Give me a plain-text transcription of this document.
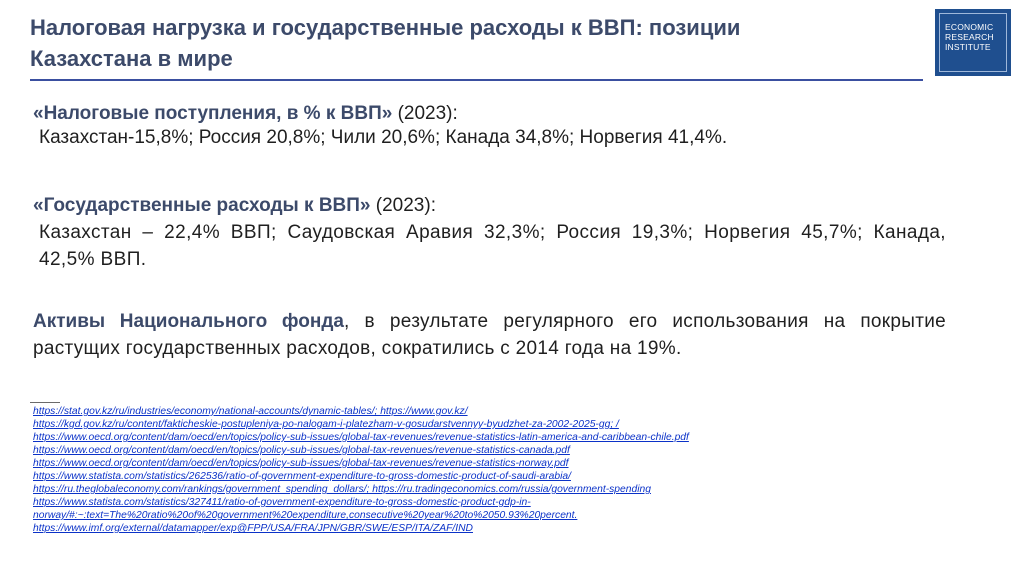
Налоговая нагрузка и государственные расходы к ВВП: позиции
Казахстана в мире
ECONOMIC
RESEARCH
INSTITUTE
«Налоговые поступления, в % к ВВП» (2023):
Казахстан-15,8%; Россия 20,8%; Чили 20,6%; Канада 34,8%; Норвегия 41,4%.
«Государственные расходы к ВВП» (2023):
Казахстан – 22,4% ВВП; Саудовская Аравия 32,3%; Россия 19,3%; Норвегия 45,7%; Канада, 42,5% ВВП.
Активы Национального фонда, в результате регулярного его использования на покрытие растущих государственных расходов, сократились с 2014 года на 19%.
https://stat.gov.kz/ru/industries/economy/national-accounts/dynamic-tables/; https://www.gov.kz/
https://kgd.gov.kz/ru/content/fakticheskie-postupleniya-po-nalogam-i-platezham-v-gosudarstvennyy-byudzhet-za-2002-2025-gg; /
https://www.oecd.org/content/dam/oecd/en/topics/policy-sub-issues/global-tax-revenues/revenue-statistics-latin-america-and-caribbean-chile.pdf
https://www.oecd.org/content/dam/oecd/en/topics/policy-sub-issues/global-tax-revenues/revenue-statistics-canada.pdf
https://www.oecd.org/content/dam/oecd/en/topics/policy-sub-issues/global-tax-revenues/revenue-statistics-norway.pdf
https://www.statista.com/statistics/262536/ratio-of-government-expenditure-to-gross-domestic-product-of-saudi-arabia/
https://ru.theglobaleconomy.com/rankings/government_spending_dollars/; https://ru.tradingeconomics.com/russia/government-spending
https://www.statista.com/statistics/327411/ratio-of-government-expenditure-to-gross-domestic-product-gdp-in-
norway/#:~:text=The%20ratio%20of%20government%20expenditure,consecutive%20year%20to%2050.93%20percent.
https://www.imf.org/external/datamapper/exp@FPP/USA/FRA/JPN/GBR/SWE/ESP/ITA/ZAF/IND
